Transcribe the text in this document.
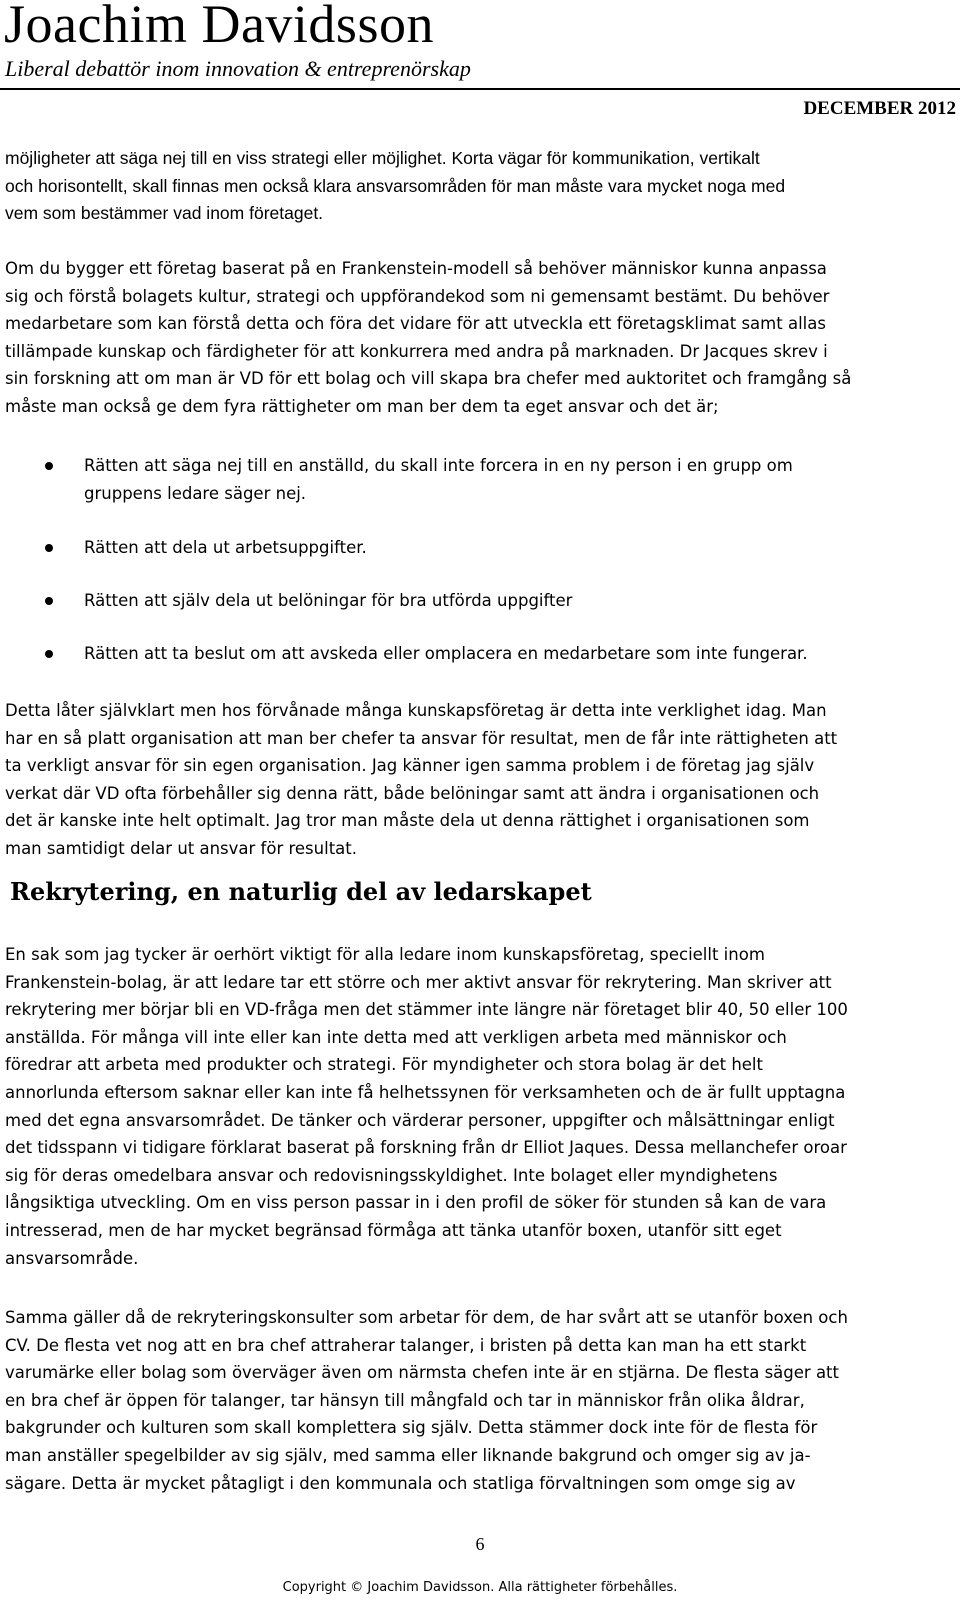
Joachim Davidsson
Liberal debattör inom innovation & entreprenörskap
DECEMBER 2012
möjligheter att säga nej till en viss strategi eller möjlighet. Korta vägar för kommunikation, vertikalt
och horisontellt, skall finnas men också klara ansvarsområden för man måste vara mycket noga med
vem som bestämmer vad inom företaget.
Om du bygger ett företag baserat på en Frankenstein-modell så behöver människor kunna anpassa
sig och förstå bolagets kultur, strategi och uppförandekod som ni gemensamt bestämt. Du behöver
medarbetare som kan förstå detta och föra det vidare för att utveckla ett företagsklimat samt allas
tillämpade kunskap och färdigheter för att konkurrera med andra på marknaden. Dr Jacques skrev i
sin forskning att om man är VD för ett bolag och vill skapa bra chefer med auktoritet och framgång så
måste man också ge dem fyra rättigheter om man ber dem ta eget ansvar och det är;
Rätten att säga nej till en anställd, du skall inte forcera in en ny person i en grupp om
gruppens ledare säger nej.
Rätten att dela ut arbetsuppgifter.
Rätten att själv dela ut belöningar för bra utförda uppgifter
Rätten att ta beslut om att avskeda eller omplacera en medarbetare som inte fungerar.
Detta låter självklart men hos förvånade många kunskapsföretag är detta inte verklighet idag. Man
har en så platt organisation att man ber chefer ta ansvar för resultat, men de får inte rättigheten att
ta verkligt ansvar för sin egen organisation. Jag känner igen samma problem i de företag jag själv
verkat där VD ofta förbehåller sig denna rätt, både belöningar samt att ändra i organisationen och
det är kanske inte helt optimalt. Jag tror man måste dela ut denna rättighet i organisationen som
man samtidigt delar ut ansvar för resultat.
Rekrytering, en naturlig del av ledarskapet
En sak som jag tycker är oerhört viktigt för alla ledare inom kunskapsföretag, speciellt inom
Frankenstein-bolag, är att ledare tar ett större och mer aktivt ansvar för rekrytering. Man skriver att
rekrytering mer börjar bli en VD-fråga men det stämmer inte längre när företaget blir 40, 50 eller 100
anställda. För många vill inte eller kan inte detta med att verkligen arbeta med människor och
föredrar att arbeta med produkter och strategi. För myndigheter och stora bolag är det helt
annorlunda eftersom saknar eller kan inte få helhetssynen för verksamheten och de är fullt upptagna
med det egna ansvarsområdet. De tänker och värderar personer, uppgifter och målsättningar enligt
det tidsspann vi tidigare förklarat baserat på forskning från dr Elliot Jaques. Dessa mellanchefer oroar
sig för deras omedelbara ansvar och redovisningsskyldighet. Inte bolaget eller myndighetens
långsiktiga utveckling. Om en viss person passar in i den profil de söker för stunden så kan de vara
intresserad, men de har mycket begränsad förmåga att tänka utanför boxen, utanför sitt eget
ansvarsområde.
Samma gäller då de rekryteringskonsulter som arbetar för dem, de har svårt att se utanför boxen och
CV. De flesta vet nog att en bra chef attraherar talanger, i bristen på detta kan man ha ett starkt
varumärke eller bolag som överväger även om närmsta chefen inte är en stjärna. De flesta säger att
en bra chef är öppen för talanger, tar hänsyn till mångfald och tar in människor från olika åldrar,
bakgrunder och kulturen som skall komplettera sig själv. Detta stämmer dock inte för de flesta för
man anställer spegelbilder av sig själv, med samma eller liknande bakgrund och omger sig av ja-
sägare. Detta är mycket påtagligt i den kommunala och statliga förvaltningen som omge sig av
6
Copyright © Joachim Davidsson. Alla rättigheter förbehålles.
